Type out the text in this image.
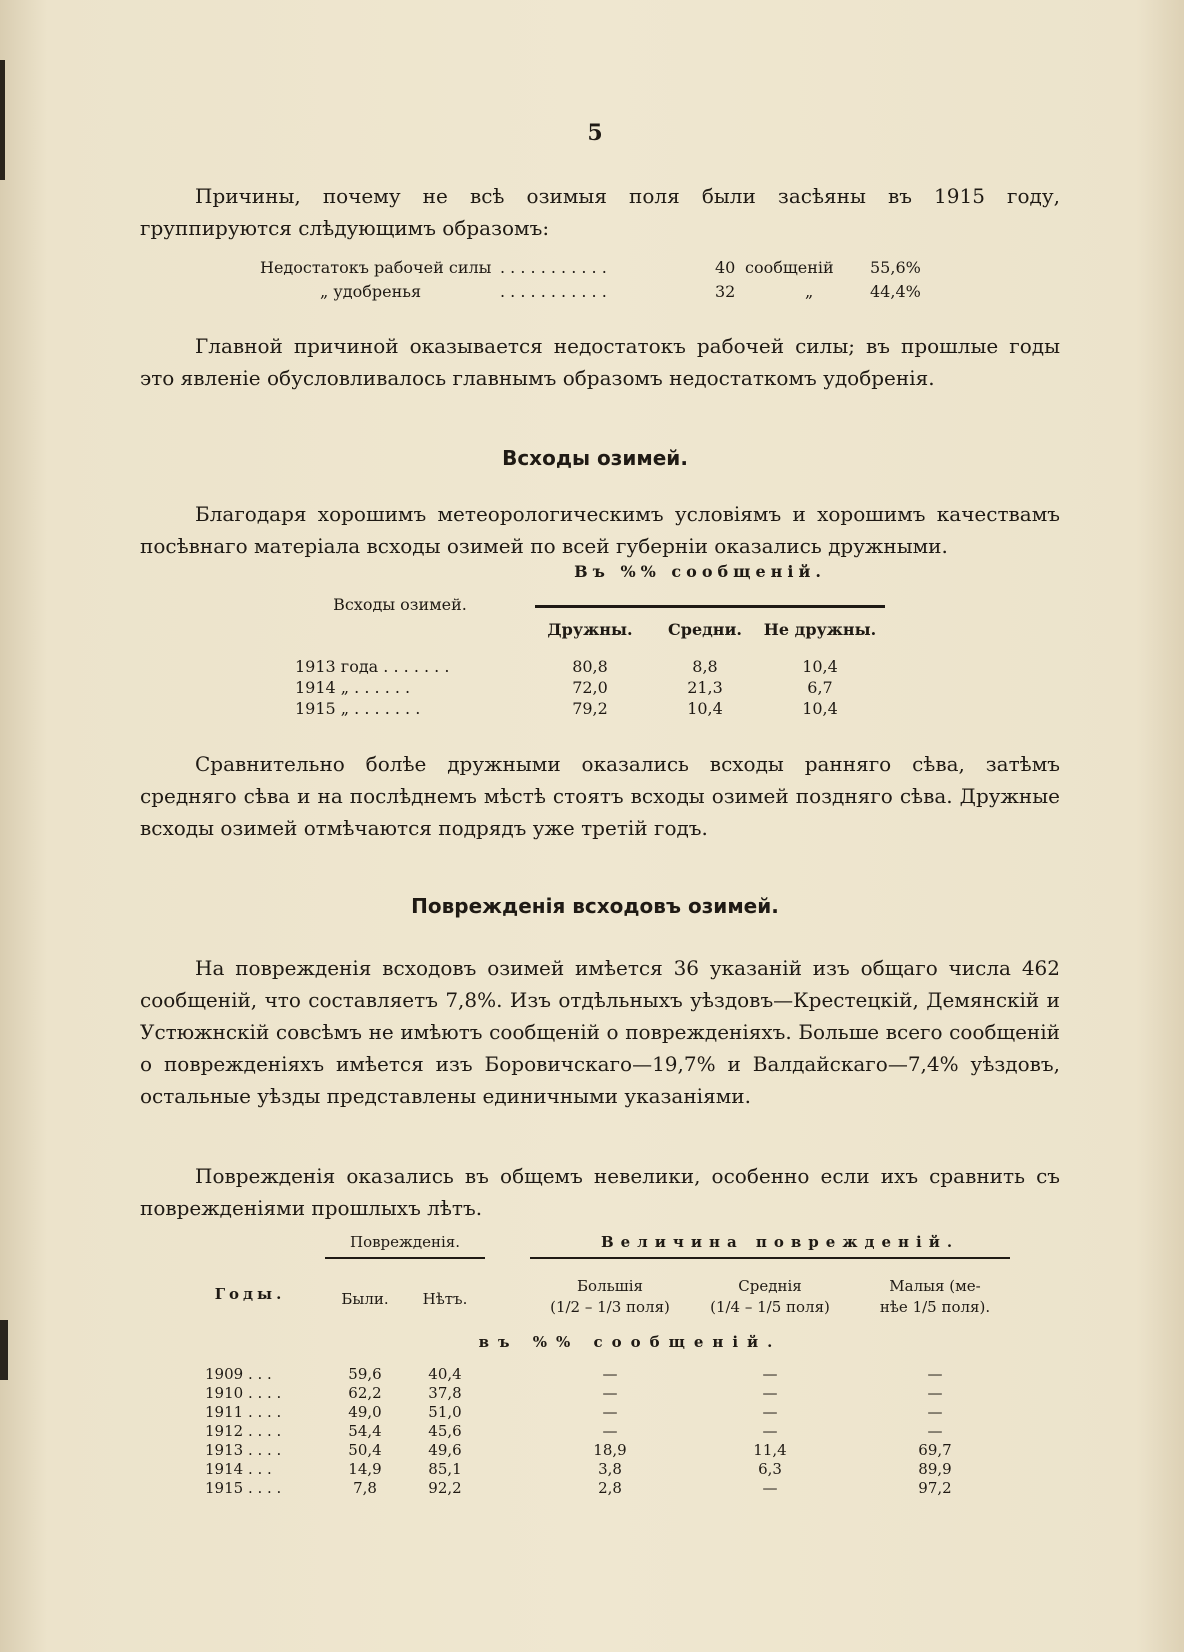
5
Причины, почему не всѣ озимыя поля были засѣяны въ 1915 году, группируются слѣдующимъ образомъ:
Недостатокъ рабочей силы . . . . . . . . . . .	40 сообщеній 55,6%
„ удобренья	. . . . . . . . . . .	32	„	44,4%
Главной причиной оказывается недостатокъ рабочей силы; въ прошлые годы это явленіе обусловливалось главнымъ образомъ недостаткомъ удобренія.
Всходы озимей.
Благодаря хорошимъ метеорологическимъ условіямъ и хорошимъ качествамъ посѣвнаго матеріала всходы озимей по всей губерніи оказались дружными.
Всходы озимей.
Въ %% сообщеній.
Дружны.	Средни.	Не дружны.
1913 года . . . . . . .	80,8	8,8	10,4
1914 „ . . . . . .	72,0	21,3	6,7
1915 „ . . . . . . .	79,2	10,4	10,4
Сравнительно болѣе дружными оказались всходы ранняго сѣва, затѣмъ средняго сѣва и на послѣднемъ мѣстѣ стоятъ всходы озимей поздняго сѣва. Дружные всходы озимей отмѣчаются подрядъ уже третій годъ.
Поврежденія всходовъ озимей.
На поврежденія всходовъ озимей имѣется 36 указаній изъ общаго числа 462 сообщеній, что составляетъ 7,8%. Изъ отдѣльныхъ уѣздовъ—Крестецкій, Демянскій и Устюжнскій совсѣмъ не имѣютъ сообщеній о поврежденіяхъ. Больше всего сообщеній о поврежденіяхъ имѣется изъ Боровичскаго—19,7% и Валдайскаго—7,4% уѣздовъ, остальные уѣзды представлены единичными указаніями.
Поврежденія оказались въ общемъ невелики, особенно если ихъ сравнить съ поврежденіями прошлыхъ лѣтъ.
Годы.
Поврежденія.	Величина поврежденій.
Были.	Нѣтъ.
Большія
(1/2 – 1/3 поля)
Среднія
(1/4 – 1/5 поля)
Малыя (ме-
нѣе 1/5 поля).
въ %% сообщеній.
1909 . . .	59,6	40,4	—	—	—
1910 . . . .	62,2	37,8	—	—	—
1911 . . . .	49,0	51,0	—	—	—
1912 . . . .	54,4	45,6	—	—	—
1913 . . . .	50,4	49,6	18,9	11,4	69,7
1914 . . .	14,9	85,1	3,8	6,3	89,9
1915 . . . .	7,8	92,2	2,8	—	97,2
